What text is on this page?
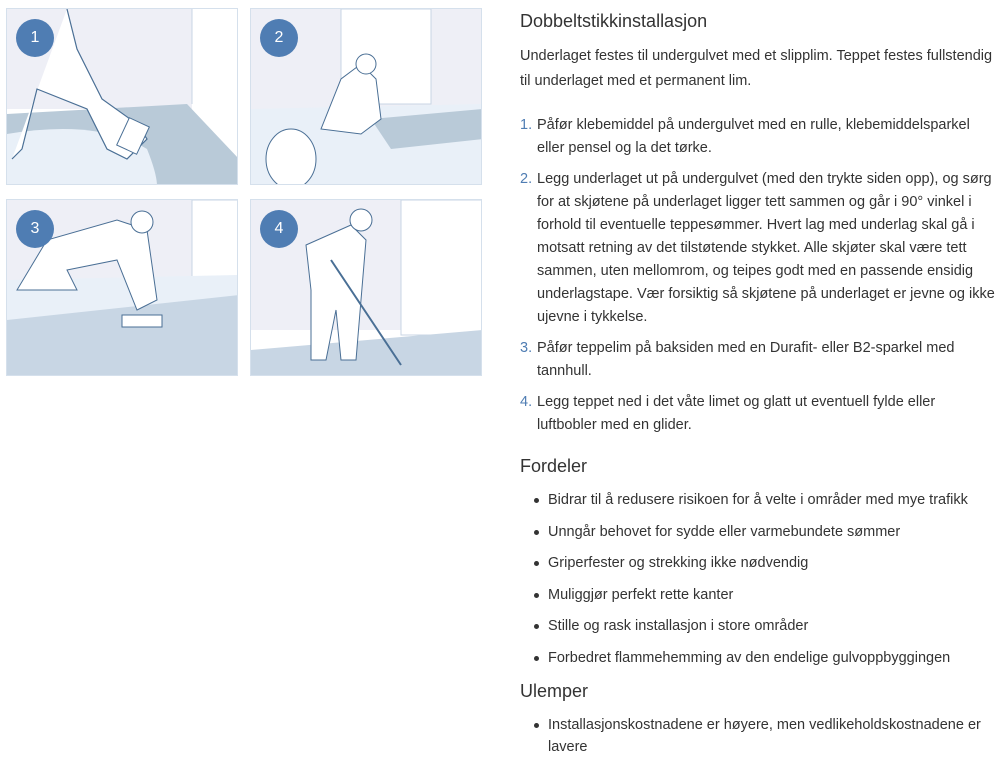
1	2
3	4
Dobbeltstikkinstallasjon

Underlaget festes til undergulvet med et slipplim. Teppet festes fullstendig til underlaget med et permanent lim.

1. Påfør klebemiddel på undergulvet med en rulle, klebemiddelsparkel eller pensel og la det tørke.
2. Legg underlaget ut på undergulvet (med den trykte siden opp), og sørg for at skjøtene på underlaget ligger tett sammen og går i 90° vinkel i forhold til eventuelle teppesømmer. Hvert lag med underlag skal gå i motsatt retning av det tilstøtende stykket. Alle skjøter skal være tett sammen, uten mellomrom, og teipes godt med en passende ensidig underlagstape. Vær forsiktig så skjøtene på underlaget er jevne og ikke ujevne i tykkelse.
3. Påfør teppelim på baksiden med en Durafit- eller B2-sparkel med tannhull.
4. Legg teppet ned i det våte limet og glatt ut eventuell fylde eller luftbobler med en glider.
Fordeler
Bidrar til å redusere risikoen for å velte i områder med mye trafikk
Unngår behovet for sydde eller varmebundete sømmer
Griperfester og strekking ikke nødvendig
Muliggjør perfekt rette kanter
Stille og rask installasjon i store områder
Forbedret flammehemming av den endelige gulvoppbyggingen
Ulemper
Installasjonskostnadene er høyere, men vedlikeholdskostnadene er lavere
